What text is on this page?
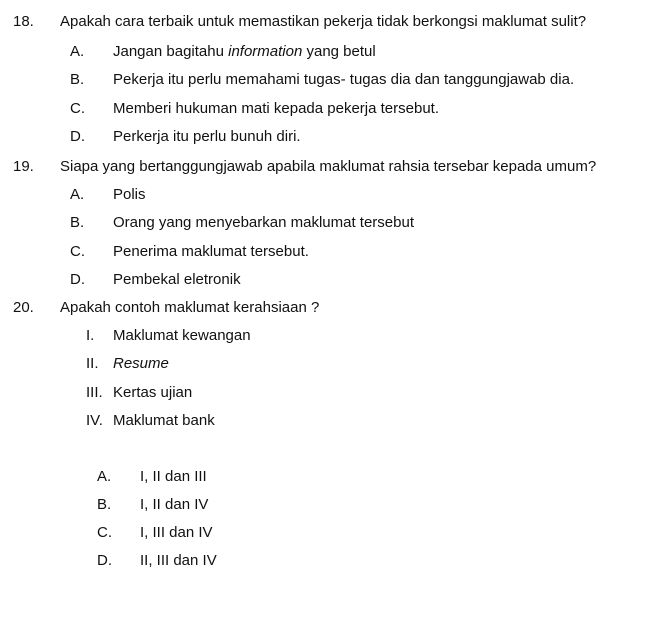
18. Apakah cara terbaik untuk memastikan pekerja tidak berkongsi maklumat sulit?
A. Jangan bagitahu information yang betul
B. Pekerja itu perlu memahami tugas- tugas dia dan tanggungjawab dia.
C. Memberi hukuman mati kepada pekerja tersebut.
D. Perkerja itu perlu bunuh diri.
19. Siapa yang bertanggungjawab apabila maklumat rahsia tersebar kepada umum?
A. Polis
B. Orang yang menyebarkan maklumat tersebut
C. Penerima maklumat tersebut.
D. Pembekal eletronik
20. Apakah contoh maklumat kerahsiaan ?
I. Maklumat kewangan
II. Resume
III. Kertas ujian
IV. Maklumat bank
A. I, II dan III
B. I, II dan IV
C. I, III dan IV
D. II, III dan IV
